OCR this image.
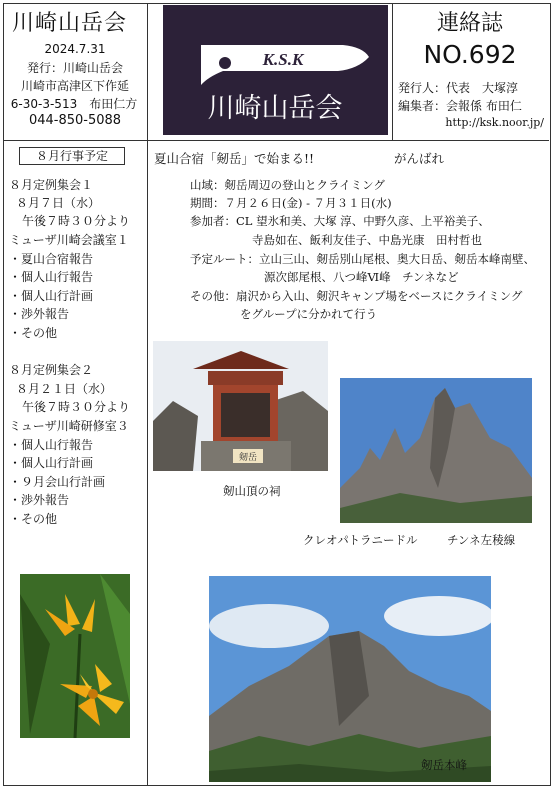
川崎山岳会
2024.7.31
発行：川崎山岳会
川崎市高津区下作延
6-30-3-513　布田仁方
044-850-5088
K.S.K
川崎山岳会
連絡誌
NO.692
発行人：代表　大塚淳
編集者：会報係 布田仁
http://ksk.noor.jp/
８月行事予定
８月定例集会１
８月７日（水）
午後７時３０分より
ミューザ川崎会議室１
・夏山合宿報告
・個人山行報告
・個人山行計画
・渉外報告
・その他
８月定例集会２
８月２１日（水）
午後７時３０分より
ミューザ川崎研修室３
・個人山行報告
・個人山行計画
・９月会山行計画
・渉外報告
・その他
夏山合宿「剱岳」で始まる!!	がんばれ
山域：剱岳周辺の登山とクライミング
期間：７月２６日(金) - ７月３１日(水)
参加者：CL 望氷和美、大塚 淳、中野久彦、上平裕美子、
寺島如在、飯利友佳子、中島光康　田村哲也
予定ルート：立山三山、剱岳別山尾根、奥大日岳、剱岳本峰南壁、
源次郎尾根、八つ峰Ⅵ峰　チンネなど
その他：扇沢から入山、剱沢キャンプ場をベースにクライミング
をグループに分かれて行う
剱岳
剱山頂の祠
クレオパトラニードル	チンネ左稜線
剱岳本峰
